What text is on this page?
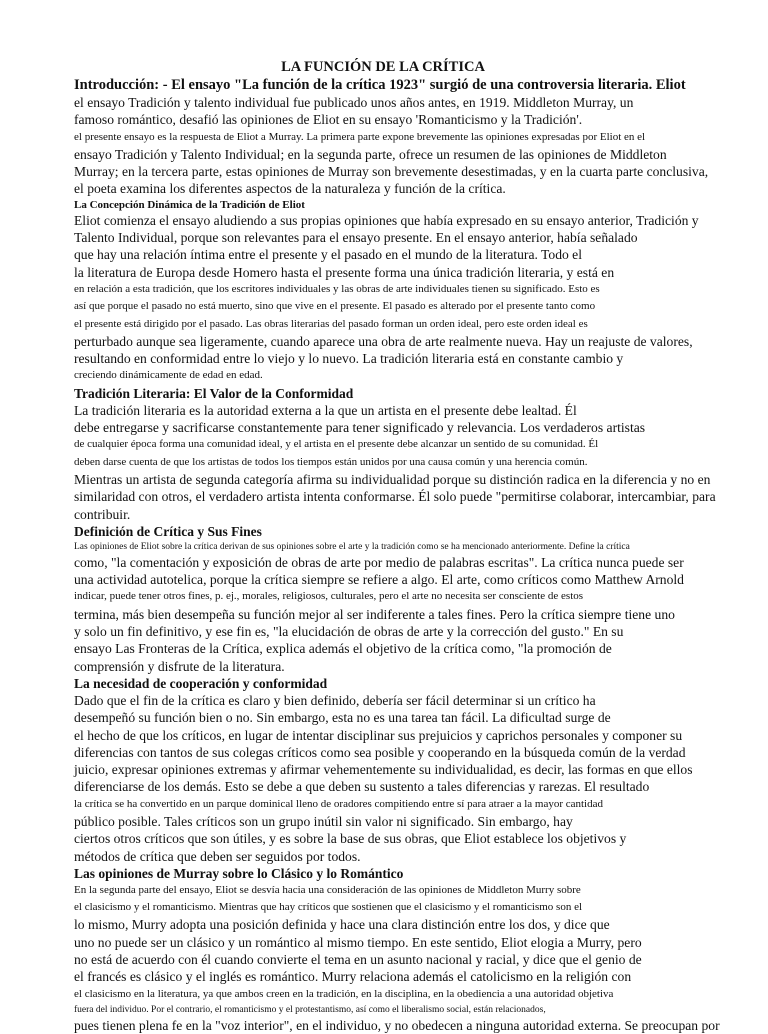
LA FUNCIÓN DE LA CRÍTICA
Introducción: - El ensayo "La función de la crítica 1923" surgió de una controversia literaria. Eliot
el ensayo Tradición y talento individual fue publicado unos años antes, en 1919. Middleton Murray, un
famoso romántico, desafió las opiniones de Eliot en su ensayo 'Romanticismo y la Tradición'.
el presente ensayo es la respuesta de Eliot a Murray. La primera parte expone brevemente las opiniones expresadas por Eliot en el
ensayo Tradición y Talento Individual; en la segunda parte, ofrece un resumen de las opiniones de Middleton
Murray; en la tercera parte, estas opiniones de Murray son brevemente desestimadas, y en la cuarta parte conclusiva,
el poeta examina los diferentes aspectos de la naturaleza y función de la crítica.
La Concepción Dinámica de la Tradición de Eliot
Eliot comienza el ensayo aludiendo a sus propias opiniones que había expresado en su ensayo anterior, Tradición y
Talento Individual, porque son relevantes para el ensayo presente. En el ensayo anterior, había señalado
que hay una relación íntima entre el presente y el pasado en el mundo de la literatura. Todo el
la literatura de Europa desde Homero hasta el presente forma una única tradición literaria, y está en
en relación a esta tradición, que los escritores individuales y las obras de arte individuales tienen su significado. Esto es
así que porque el pasado no está muerto, sino que vive en el presente. El pasado es alterado por el presente tanto como
el presente está dirigido por el pasado. Las obras literarias del pasado forman un orden ideal, pero este orden ideal es
perturbado aunque sea ligeramente, cuando aparece una obra de arte realmente nueva. Hay un reajuste de valores,
resultando en conformidad entre lo viejo y lo nuevo. La tradición literaria está en constante cambio y
creciendo dinámicamente de edad en edad.
Tradición Literaria: El Valor de la Conformidad
La tradición literaria es la autoridad externa a la que un artista en el presente debe lealtad. Él
debe entregarse y sacrificarse constantemente para tener significado y relevancia. Los verdaderos artistas
de cualquier época forma una comunidad ideal, y el artista en el presente debe alcanzar un sentido de su comunidad. Él
deben darse cuenta de que los artistas de todos los tiempos están unidos por una causa común y una herencia común.
Mientras un artista de segunda categoría afirma su individualidad porque su distinción radica en la diferencia y no en
similaridad con otros, el verdadero artista intenta conformarse. Él solo puede "permitirse colaborar, intercambiar, para
contribuir.
Definición de Crítica y Sus Fines
Las opiniones de Eliot sobre la crítica derivan de sus opiniones sobre el arte y la tradición como se ha mencionado anteriormente. Define la crítica
como, "la comentación y exposición de obras de arte por medio de palabras escritas". La crítica nunca puede ser
una actividad autotelica, porque la crítica siempre se refiere a algo. El arte, como críticos como Matthew Arnold
indicar, puede tener otros fines, p. ej., morales, religiosos, culturales, pero el arte no necesita ser consciente de estos
termina, más bien desempeña su función mejor al ser indiferente a tales fines. Pero la crítica siempre tiene uno
y solo un fin definitivo, y ese fin es, "la elucidación de obras de arte y la corrección del gusto." En su
ensayo Las Fronteras de la Crítica, explica además el objetivo de la crítica como, "la promoción de
comprensión y disfrute de la literatura.
La necesidad de cooperación y conformidad
Dado que el fin de la crítica es claro y bien definido, debería ser fácil determinar si un crítico ha
desempeñó su función bien o no. Sin embargo, esta no es una tarea tan fácil. La dificultad surge de
el hecho de que los críticos, en lugar de intentar disciplinar sus prejuicios y caprichos personales y componer su
diferencias con tantos de sus colegas críticos como sea posible y cooperando en la búsqueda común de la verdad
juicio, expresar opiniones extremas y afirmar vehementemente su individualidad, es decir, las formas en que ellos
diferenciarse de los demás. Esto se debe a que deben su sustento a tales diferencias y rarezas. El resultado
la crítica se ha convertido en un parque dominical lleno de oradores compitiendo entre sí para atraer a la mayor cantidad
público posible. Tales críticos son un grupo inútil sin valor ni significado. Sin embargo, hay
ciertos otros críticos que son útiles, y es sobre la base de sus obras, que Eliot establece los objetivos y
métodos de crítica que deben ser seguidos por todos.
Las opiniones de Murray sobre lo Clásico y lo Romántico
En la segunda parte del ensayo, Eliot se desvía hacia una consideración de las opiniones de Middleton Murry sobre
el clasicismo y el romanticismo. Mientras que hay críticos que sostienen que el clasicismo y el romanticismo son el
lo mismo, Murry adopta una posición definida y hace una clara distinción entre los dos, y dice que
uno no puede ser un clásico y un romántico al mismo tiempo. En este sentido, Eliot elogia a Murry, pero
no está de acuerdo con él cuando convierte el tema en un asunto nacional y racial, y dice que el genio de
el francés es clásico y el inglés es romántico. Murry relaciona además el catolicismo en la religión con
el clasicismo en la literatura, ya que ambos creen en la tradición, en la disciplina, en la obediencia a una autoridad objetiva
fuera del individuo. Por el contrario, el romanticismo y el protestantismo, así como el liberalismo social, están relacionados,
pues tienen plena fe en la "voz interior", en el individuo, y no obedecen a ninguna autoridad externa. Se preocupan por
